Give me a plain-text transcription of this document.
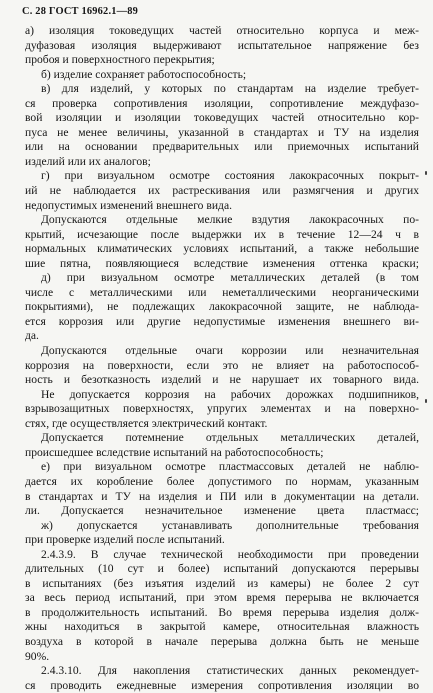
С. 28 ГОСТ 16962.1—89
а) изоляция токоведущих частей относительно корпуса и меж-
дуфазовая изоляция выдерживают испытательное напряжение без
пробоя и поверхностного перекрытия;
б) изделие сохраняет работоспособность;
в) для изделий, у которых по стандартам на изделие требует-
ся проверка сопротивления изоляции, сопротивление междуфазо-
вой изоляции и изоляции токоведущих частей относительно кор-
пуса не менее величины, указанной в стандартах и ТУ на изделия
или на основании предварительных или приемочных испытаний
изделий или их аналогов;
г) при визуальном осмотре состояния лакокрасочных покрыт-
ий не наблюдается их растрескивания или размягчения и других
недопустимых изменений внешнего вида.
Допускаются отдельные мелкие вздутия лакокрасочных по-
крытий, исчезающие после выдержки их в течение 12—24 ч в
нормальных климатических условиях испытаний, а также небольшие
шие пятна, появляющиеся вследствие изменения оттенка краски;
д) при визуальном осмотре металлических деталей (в том
числе с металлическими или неметаллическими неорганическими
покрытиями), не подлежащих лакокрасочной защите, не наблюда-
ется коррозия или другие недопустимые изменения внешнего ви-
да.
Допускаются отдельные очаги коррозии или незначительная
коррозия на поверхности, если это не влияет на работоспособ-
ность и безотказность изделий и не нарушает их товарного вида.
Не допускается коррозия на рабочих дорожках подшипников,
взрывозащитных поверхностях, упругих элементах и на поверхно-
стях, где осуществляется электрический контакт.
Допускается потемнение отдельных металлических деталей,
происшедшее вследствие испытаний на работоспособность;
е) при визуальном осмотре пластмассовых деталей не наблю-
дается их коробление более допустимого по нормам, указанным
в стандартах и ТУ на изделия и ПИ или в документации на детали.
ли. Допускается незначительное изменение цвета пластмасс;
ж) допускается устанавливать дополнительные требования
при проверке изделий после испытаний.
2.4.3.9. В случае технической необходимости при проведении
длительных (10 сут и более) испытаний допускаются перерывы
в испытаниях (без изъятия изделий из камеры) не более 2 сут
за весь период испытаний, при этом время перерыва не включается
в продолжительность испытаний. Во время перерыва изделия долж-
жны находиться в закрытой камере, относительная влажность
воздуха в которой в начале перерыва должна быть не меньше
90%.
2.4.3.10. Для накопления статистических данных рекомендует-
ся проводить ежедневные измерения сопротивления изоляции во
